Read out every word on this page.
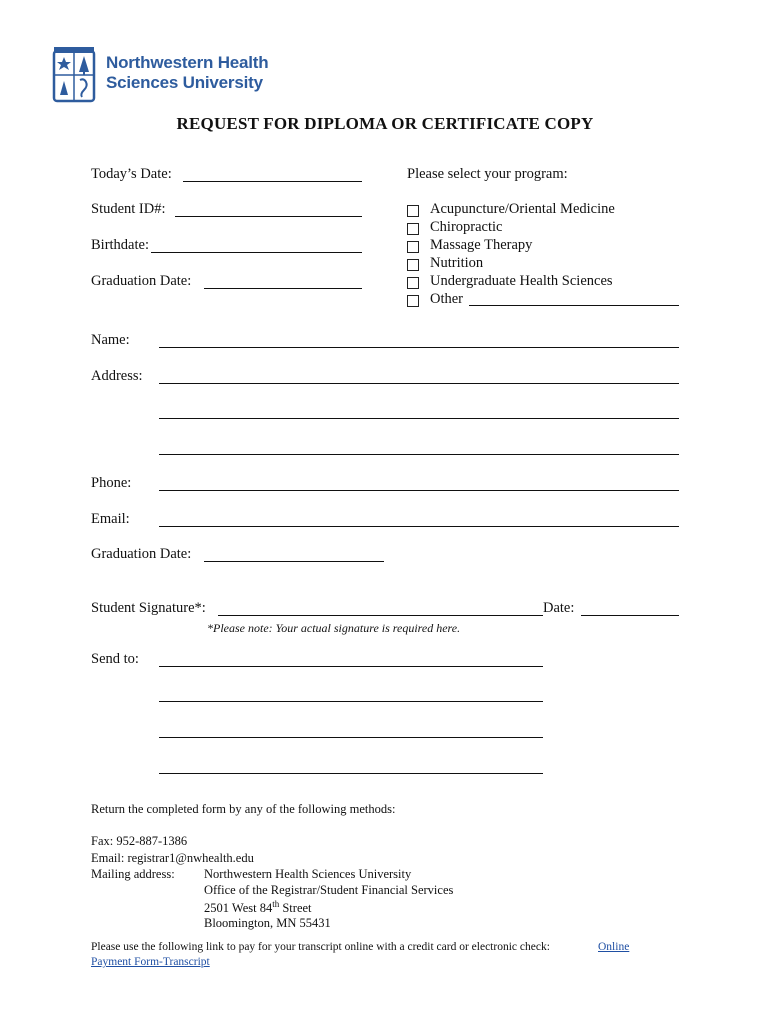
Northwestern Health
Sciences University
REQUEST FOR DIPLOMA OR CERTIFICATE COPY
Today’s Date:
Student ID#:
Birthdate:
Graduation Date:
Please select your program:
Acupuncture/Oriental Medicine
Chiropractic
Massage Therapy
Nutrition
Undergraduate Health Sciences
Other
Name:
Address:
Phone:
Email:
Graduation Date:
Student Signature*:	Date:
*Please note: Your actual signature is required here.
Send to:
Return the completed form by any of the following methods:
Fax: 952-887-1386
Email: registrar1@nwhealth.edu
Mailing address: Northwestern Health Sciences University
Office of the Registrar/Student Financial Services
2501 West 84th Street
Bloomington, MN 55431
Please use the following link to pay for your transcript online with a credit card or electronic check:	Online
Payment Form-Transcript
